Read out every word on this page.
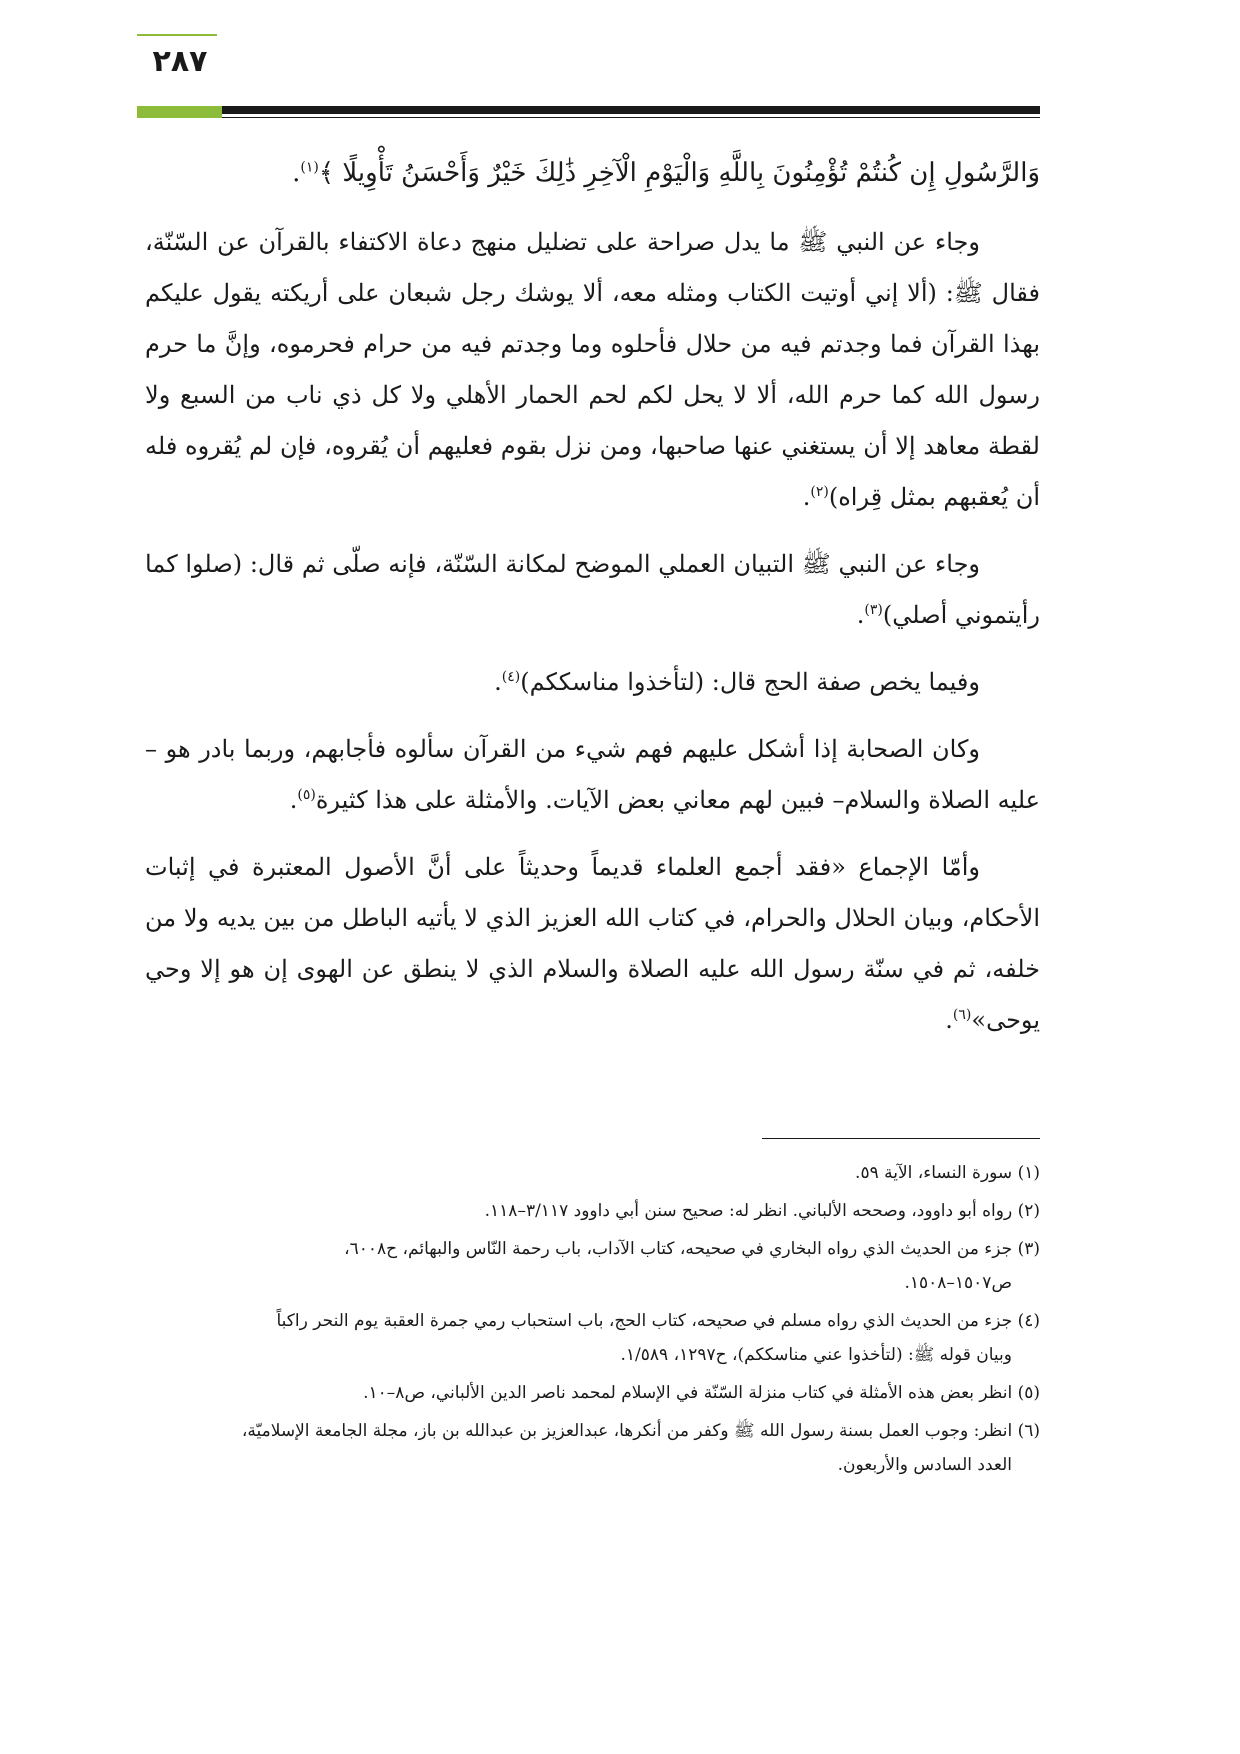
٢٨٧

وَالرَّسُولِ إِن كُنتُمْ تُؤْمِنُونَ بِاللَّهِ وَالْيَوْمِ الْآخِرِ ذَٰلِكَ خَيْرٌ وَأَحْسَنُ تَأْوِيلًا ﴾$^{(١)}$.

وجاء عن النبي ﷺ ما يدل صراحة على تضليل منهج دعاة الاكتفاء بالقرآن عن السّنّة، فقال ﷺ: (ألا إني أوتيت الكتاب ومثله معه، ألا يوشك رجل شبعان على أريكته يقول عليكم بهذا القرآن فما وجدتم فيه من حلال فأحلوه وما وجدتم فيه من حرام فحرموه، وإنَّ ما حرم رسول الله كما حرم الله، ألا لا يحل لكم لحم الحمار الأهلي ولا كل ذي ناب من السبع ولا لقطة معاهد إلا أن يستغني عنها صاحبها، ومن نزل بقوم فعليهم أن يُقروه، فإن لم يُقروه فله أن يُعقبهم بمثل قِراه)$^{(٢)}$.

وجاء عن النبي ﷺ التبيان العملي الموضح لمكانة السّنّة، فإنه صلّى ثم قال: (صلوا كما رأيتموني أصلي)$^{(٣)}$.

وفيما يخص صفة الحج قال: (لتأخذوا مناسككم)$^{(٤)}$.

وكان الصحابة إذا أشكل عليهم فهم شيء من القرآن سألوه فأجابهم، وربما بادر هو – عليه الصلاة والسلام– فبين لهم معاني بعض الآيات. والأمثلة على هذا كثيرة$^{(٥)}$.

وأمّا الإجماع «فقد أجمع العلماء قديماً وحديثاً على أنَّ الأصول المعتبرة في إثبات الأحكام، وبيان الحلال والحرام، في كتاب الله العزيز الذي لا يأتيه الباطل من بين يديه ولا من خلفه، ثم في سنّة رسول الله عليه الصلاة والسلام الذي لا ينطق عن الهوى إن هو إلا وحي يوحى»$^{(٦)}$.

(١) سورة النساء، الآية ٥٩.

(٢) رواه أبو داوود، وصححه الألباني. انظر له: صحيح سنن أبي داوود ٣/١١٧–١١٨.

(٣) جزء من الحديث الذي رواه البخاري في صحيحه، كتاب الآداب، باب رحمة النّاس والبهائم، ح٦٠٠٨،
ص١٥٠٧–١٥٠٨.

(٤) جزء من الحديث الذي رواه مسلم في صحيحه، كتاب الحج، باب استحباب رمي جمرة العقبة يوم النحر راكباً
وبيان قوله ﷺ: (لتأخذوا عني مناسككم)، ح١٢٩٧، ١/٥٨٩.

(٥) انظر بعض هذه الأمثلة في كتاب منزلة السّنّة في الإسلام لمحمد ناصر الدين الألباني، ص٨–١٠.

(٦) انظر: وجوب العمل بسنة رسول الله ﷺ وكفر من أنكرها، عبدالعزيز بن عبدالله بن باز، مجلة الجامعة الإسلاميّة،
العدد السادس والأربعون.
